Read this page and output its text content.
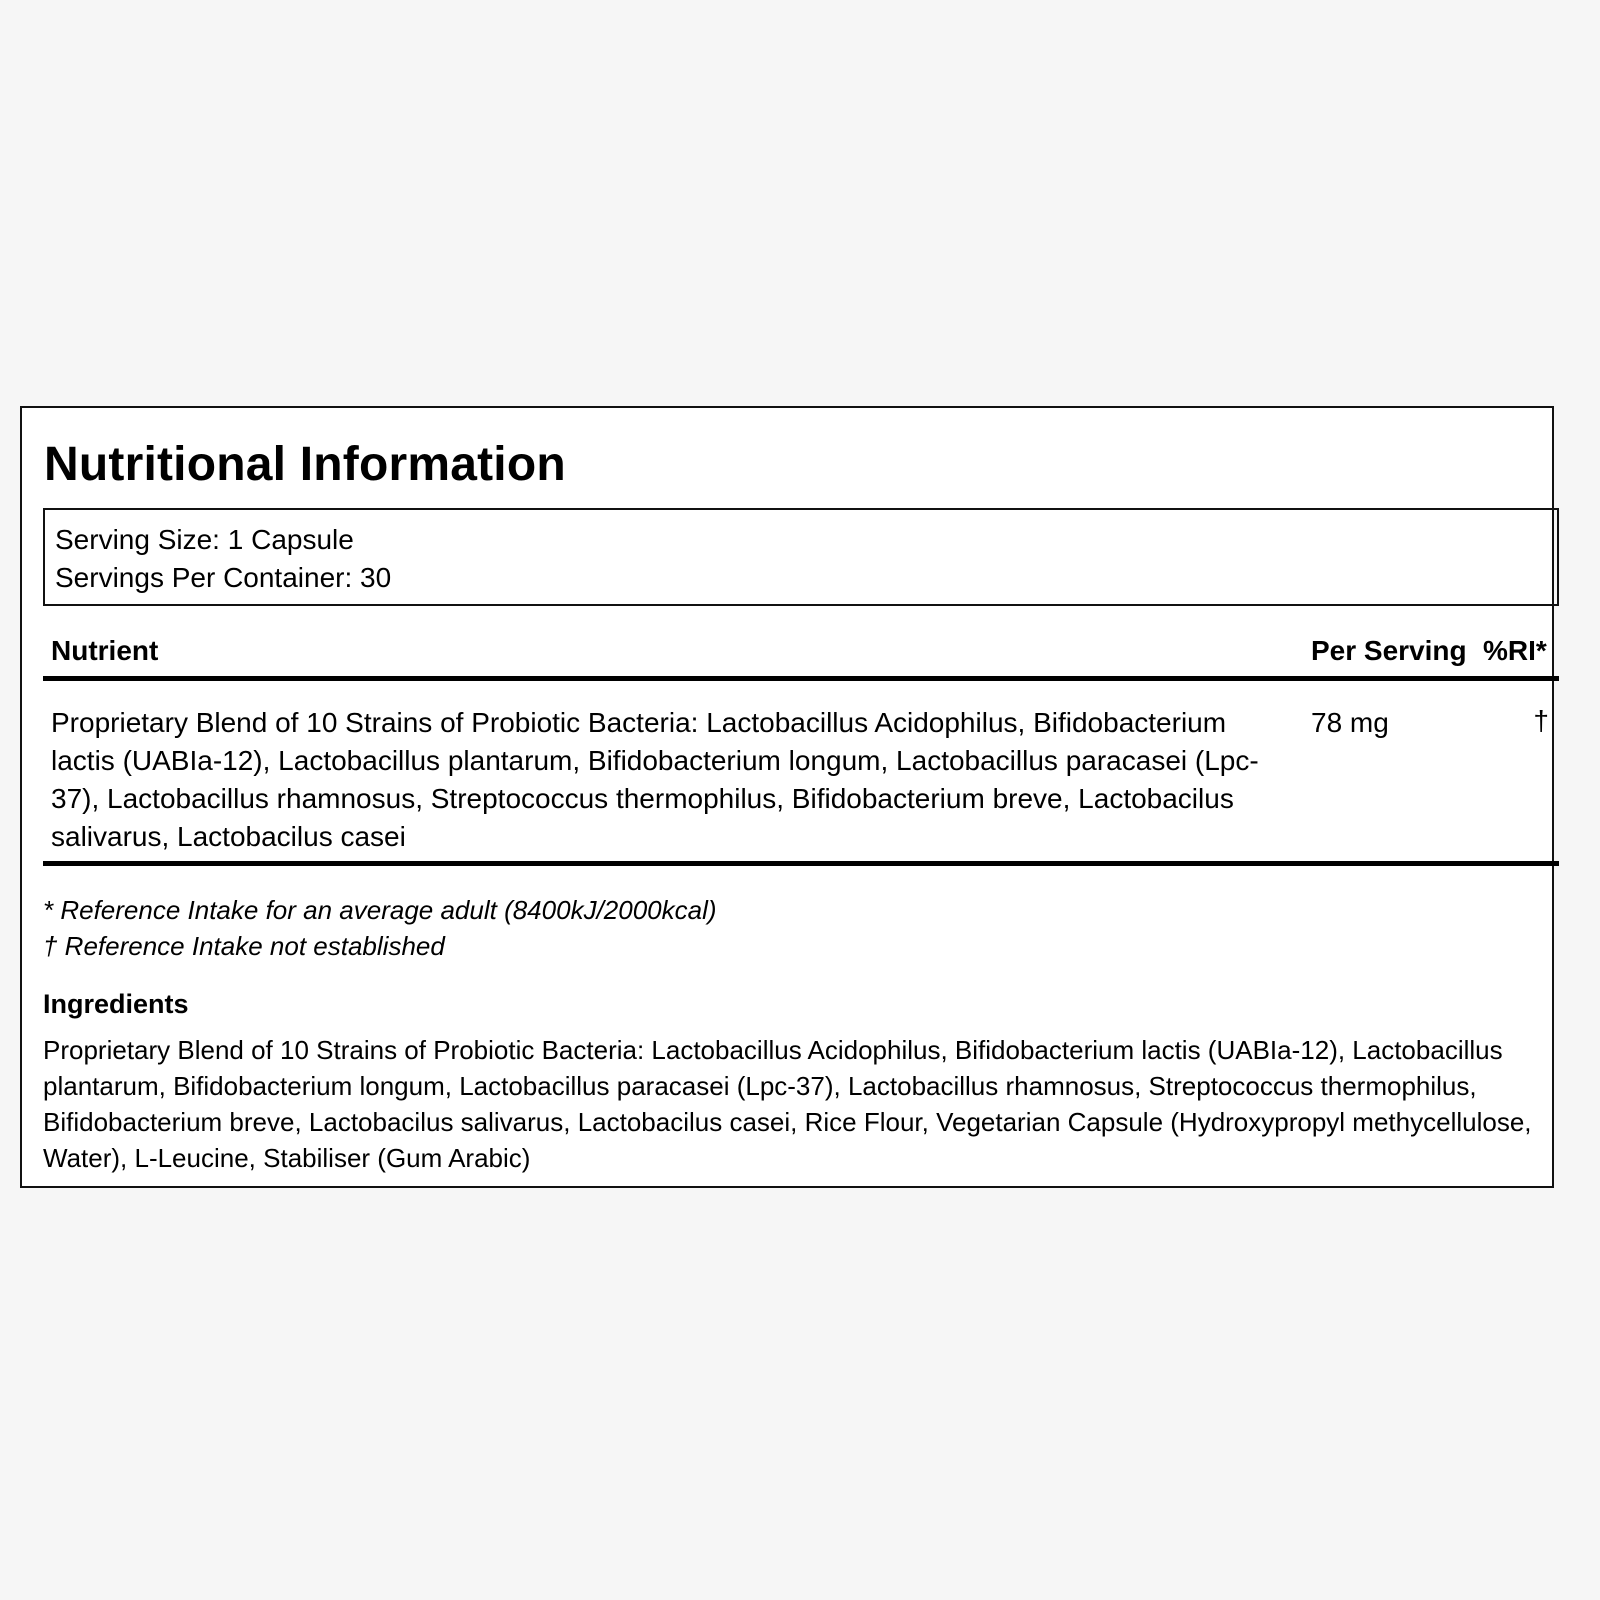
Nutritional Information
Serving Size: 1 Capsule
Servings Per Container: 30
Nutrient	Per Serving %RI*

Proprietary Blend of 10 Strains of Probiotic Bacteria: Lactobacillus Acidophilus, Bifidobacterium lactis (UABIa-12), Lactobacillus plantarum, Bifidobacterium longum, Lactobacillus paracasei (Lpc-37), Lactobacillus rhamnosus, Streptococcus thermophilus, Bifidobacterium breve, Lactobacilus salivarus, Lactobacilus casei

78 mg	†
* Reference Intake for an average adult (8400kJ/2000kcal)
† Reference Intake not established
Ingredients

Proprietary Blend of 10 Strains of Probiotic Bacteria: Lactobacillus Acidophilus, Bifidobacterium lactis (UABIa-12), Lactobacillus plantarum, Bifidobacterium longum, Lactobacillus paracasei (Lpc-37), Lactobacillus rhamnosus, Streptococcus thermophilus, Bifidobacterium breve, Lactobacilus salivarus, Lactobacilus casei, Rice Flour, Vegetarian Capsule (Hydroxypropyl methycellulose, Water), L-Leucine, Stabiliser (Gum Arabic)
